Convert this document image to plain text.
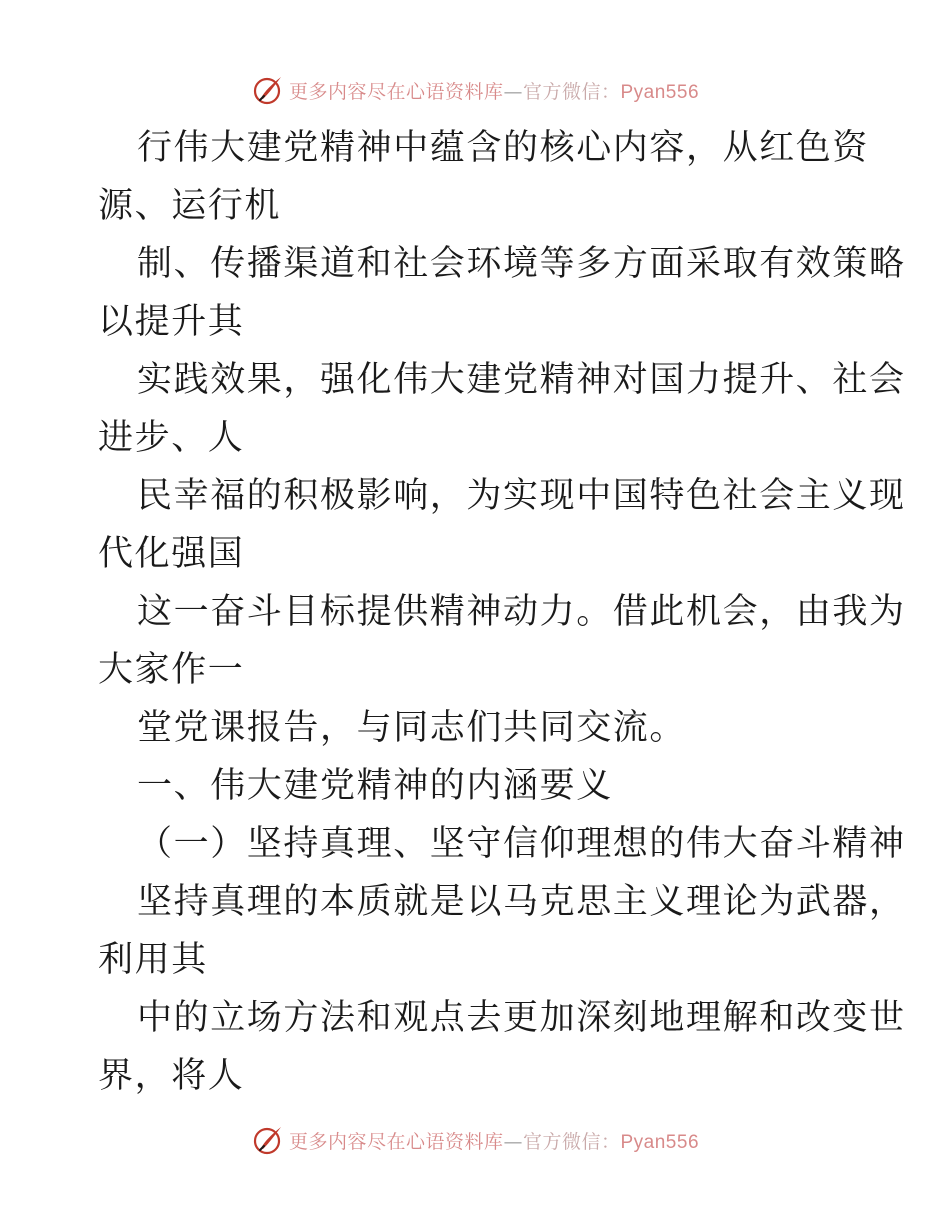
更多内容尽在心语资料库—官方微信：Pyan556
行伟大建党精神中蕴含的核心内容，从红色资
源、运行机
制、传播渠道和社会环境等多方面采取有效策略
以提升其
实践效果，强化伟大建党精神对国力提升、社会
进步、人
民幸福的积极影响，为实现中国特色社会主义现
代化强国
这一奋斗目标提供精神动力。借此机会，由我为
大家作一
堂党课报告，与同志们共同交流。
一、伟大建党精神的内涵要义
（一）坚持真理、坚守信仰理想的伟大奋斗精神
坚持真理的本质就是以马克思主义理论为武器，
利用其
中的立场方法和观点去更加深刻地理解和改变世
界，将人
更多内容尽在心语资料库—官方微信：Pyan556
